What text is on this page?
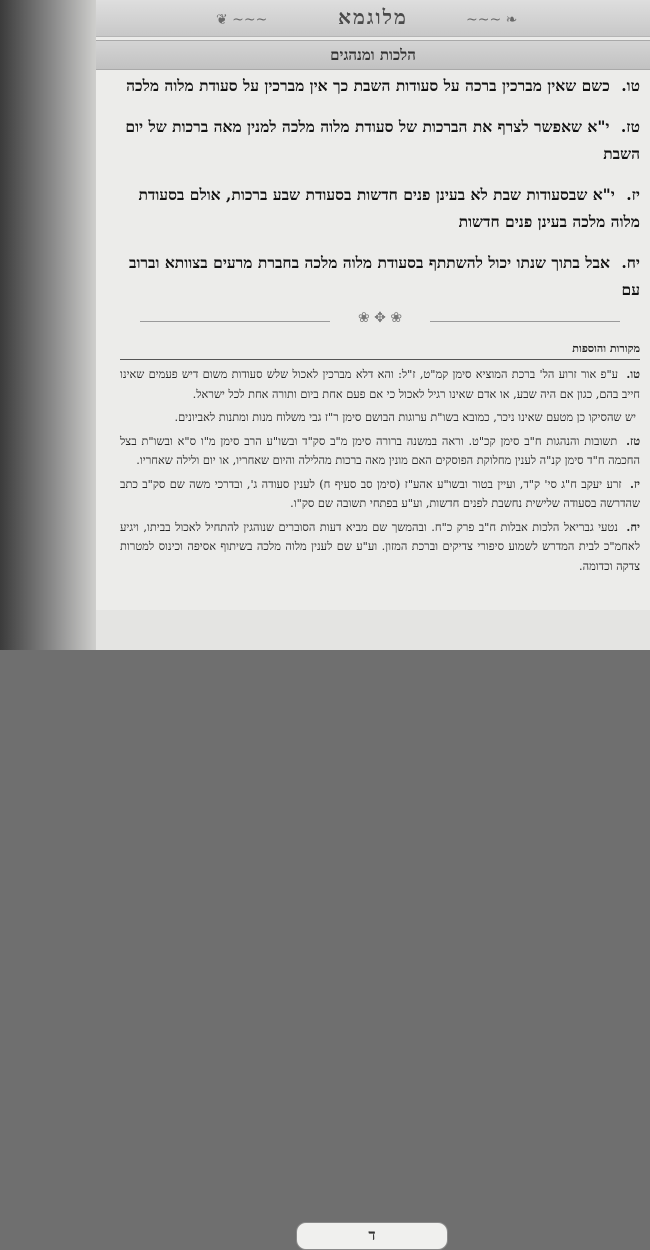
❦ ~~~	מלוגמא	~~~ ❧
הלכות ומנהגים

טו. כשם שאין מברכין ברכה על סעודות השבת כך אין מברכין על סעודת מלוה מלכה

טז. י"א שאפשר לצרף את הברכות של סעודת מלוה מלכה למנין מאה ברכות של יום השבת

יז. י"א שבסעודות שבת לא בעינן פנים חדשות בסעודת שבע ברכות, אולם בסעודת מלוה מלכה בעינן פנים חדשות

יח. אבל בתוך שנתו יכול להשתתף בסעודת מלוה מלכה בחברת מרעים בצוותא וברוב עם

❀ ✥ ❀
מקורות והוספות

טו. ע"פ אור זרוע הל' ברכת המוציא סימן קמ"ט, ז"ל: והא דלא מברכין לאכול שלש סעודות משום דיש פעמים שאינו חייב בהם, כגון אם היה שבע, או אדם שאינו רגיל לאכול כי אם פעם אחת ביום ותורה אחת לכל ישראל.

יש שהסיקו כן מטעם שאינו ניכר, כמובא בשו"ת ערוגות הבושם סימן ר"ז גבי משלוח מנות ומתנות לאביונים.

טז. תשובות והנהגות ח"ב סימן קכ"ט. וראה במשנה ברורה סימן מ"ב סק"ד ובשו"ע הרב סימן מ"ו ס"א ובשו"ת בצל החכמה ח"ד סימן קנ"ה לענין מחלוקת הפוסקים האם מונין מאה ברכות מהלילה והיום שאחריו, או יום ולילה שאחריו.

יז. זרע יעקב ח"ג סי' ק"ד, ועיין בטור ובשו"ע אהע"ז (סימן סב סעיף ח) לענין סעודה ג', ובדרכי משה שם סק"ב כתב שהדרשה בסעודה שלישית נחשבת לפנים חדשות, וע"ע בפתחי תשובה שם סק"ו.

יח. נטעי גבריאל הלכות אבלות ח"ב פרק כ"ח. ובהמשך שם מביא דעות הסוברים שנוהגין להתחיל לאכול בביתו, ויגיע לאחמ"כ לבית המדרש לשמוע סיפורי צדיקים וברכת המזון. וע"ע שם לענין מלוה מלכה בשיתוף אסיפה וכינוס למטרות צדקה וכדומה.

ד
